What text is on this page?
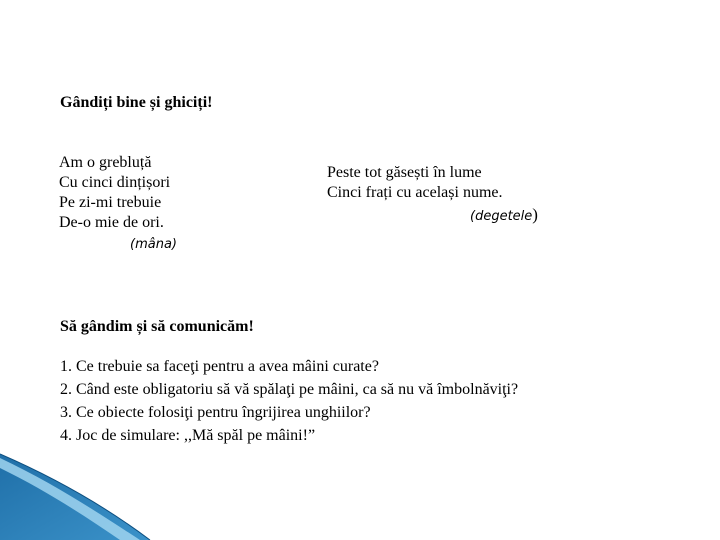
Gândiți bine și ghiciți!
Am o grebluță
Cu cinci dințișori
Pe zi-mi trebuie
De-o mie de ori.
(mâna)
Peste tot găsești în lume
Cinci frați cu același nume.
(degetele)
Să gândim și să comunicăm!
1. Ce trebuie sa faceţi pentru a avea mâini curate?
2. Când este obligatoriu să vă spălaţi pe mâini, ca să nu vă îmbolnăviţi?
3. Ce obiecte folosiţi pentru îngrijirea unghiilor?
4. Joc de simulare: ,,Mă spăl pe mâini!”
